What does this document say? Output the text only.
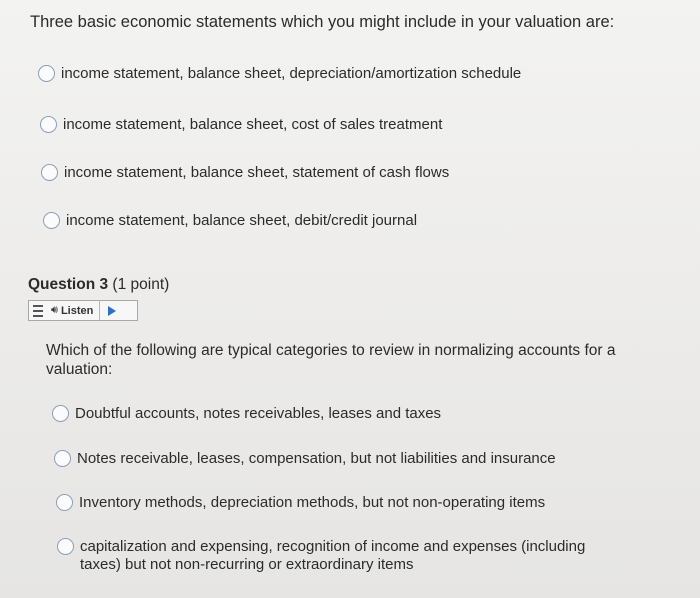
Three basic economic statements which you might include in your valuation are:
income statement, balance sheet, depreciation/amortization schedule
income statement, balance sheet, cost of sales treatment
income statement, balance sheet, statement of cash flows
income statement, balance sheet, debit/credit journal
Question 3 (1 point)
🔊︎ Listen
Which of the following are typical categories to review in normalizing accounts for a valuation:
Doubtful accounts, notes receivables, leases and taxes
Notes receivable, leases, compensation, but not liabilities and insurance
Inventory methods, depreciation methods, but not non-operating items
capitalization and expensing, recognition of income and expenses (including taxes) but not non-recurring or extraordinary items
